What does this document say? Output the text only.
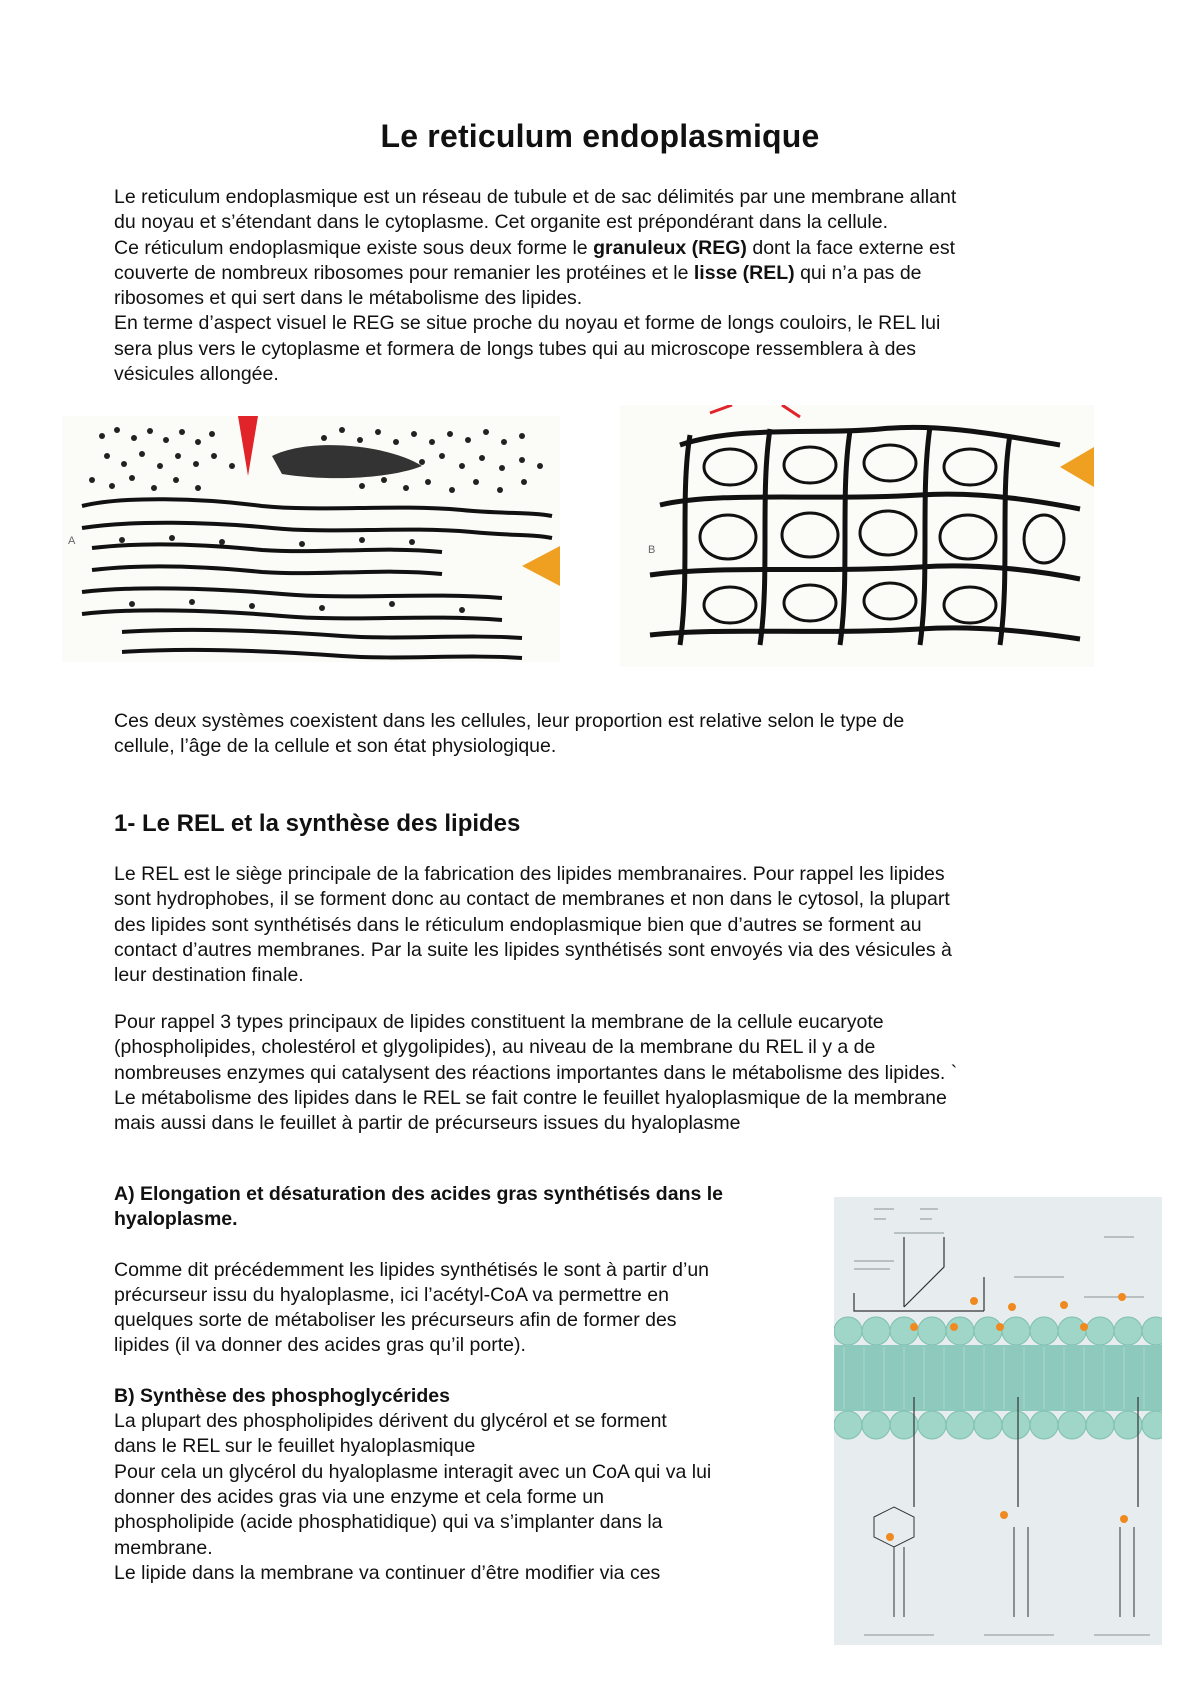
Le reticulum endoplasmique

Le reticulum endoplasmique est un réseau de tubule et de sac délimités par une membrane allant

du noyau et s’étendant dans le cytoplasme. Cet organite est prépondérant dans la cellule.

Ce réticulum endoplasmique existe sous deux forme le granuleux (REG) dont la face externe est

couverte de nombreux ribosomes pour remanier les protéines et le lisse (REL) qui n’a pas de

ribosomes et qui sert dans le métabolisme des lipides.

En terme d’aspect visuel le REG se situe proche du noyau et forme de longs couloirs, le REL lui

sera plus vers le cytoplasme et formera de longs tubes qui au microscope ressemblera à des

vésicules allongée.

A
B

Ces deux systèmes coexistent dans les cellules, leur proportion est relative selon le type de

cellule, l’âge de la cellule et son état physiologique.

1- Le REL et la synthèse des lipides

Le REL est le siège principale de la fabrication des lipides membranaires. Pour rappel les lipides

sont hydrophobes, il se forment donc au contact de membranes et non dans le cytosol, la plupart

des lipides sont synthétisés dans le réticulum endoplasmique bien que d’autres se forment au

contact d’autres membranes. Par la suite les lipides synthétisés sont envoyés via des vésicules à

leur destination finale.

Pour rappel 3 types principaux de lipides constituent la membrane de la cellule eucaryote

(phospholipides, cholestérol et glygolipides), au niveau de la membrane du REL il y a de

nombreuses enzymes qui catalysent des réactions importantes dans le métabolisme des lipides. `

Le métabolisme des lipides dans le REL se fait contre le feuillet hyaloplasmique de la membrane

mais aussi dans le feuillet à partir de précurseurs issues du hyaloplasme

A) Elongation et désaturation des acides gras synthétisés dans le

hyaloplasme.

Comme dit précédemment les lipides synthétisés le sont à partir d’un

précurseur issu du hyaloplasme, ici l’acétyl-CoA va permettre en

quelques sorte de métaboliser les précurseurs afin de former des

lipides (il va donner des acides gras qu’il porte).

B) Synthèse des phosphoglycérides

La plupart des phospholipides dérivent du glycérol et se forment

dans le REL sur le feuillet hyaloplasmique

Pour cela un glycérol du hyaloplasme interagit avec un CoA qui va lui

donner des acides gras via une enzyme et cela forme un

phospholipide (acide phosphatidique) qui va s’implanter dans la

membrane.

Le lipide dans la membrane va continuer d’être modifier via ces
